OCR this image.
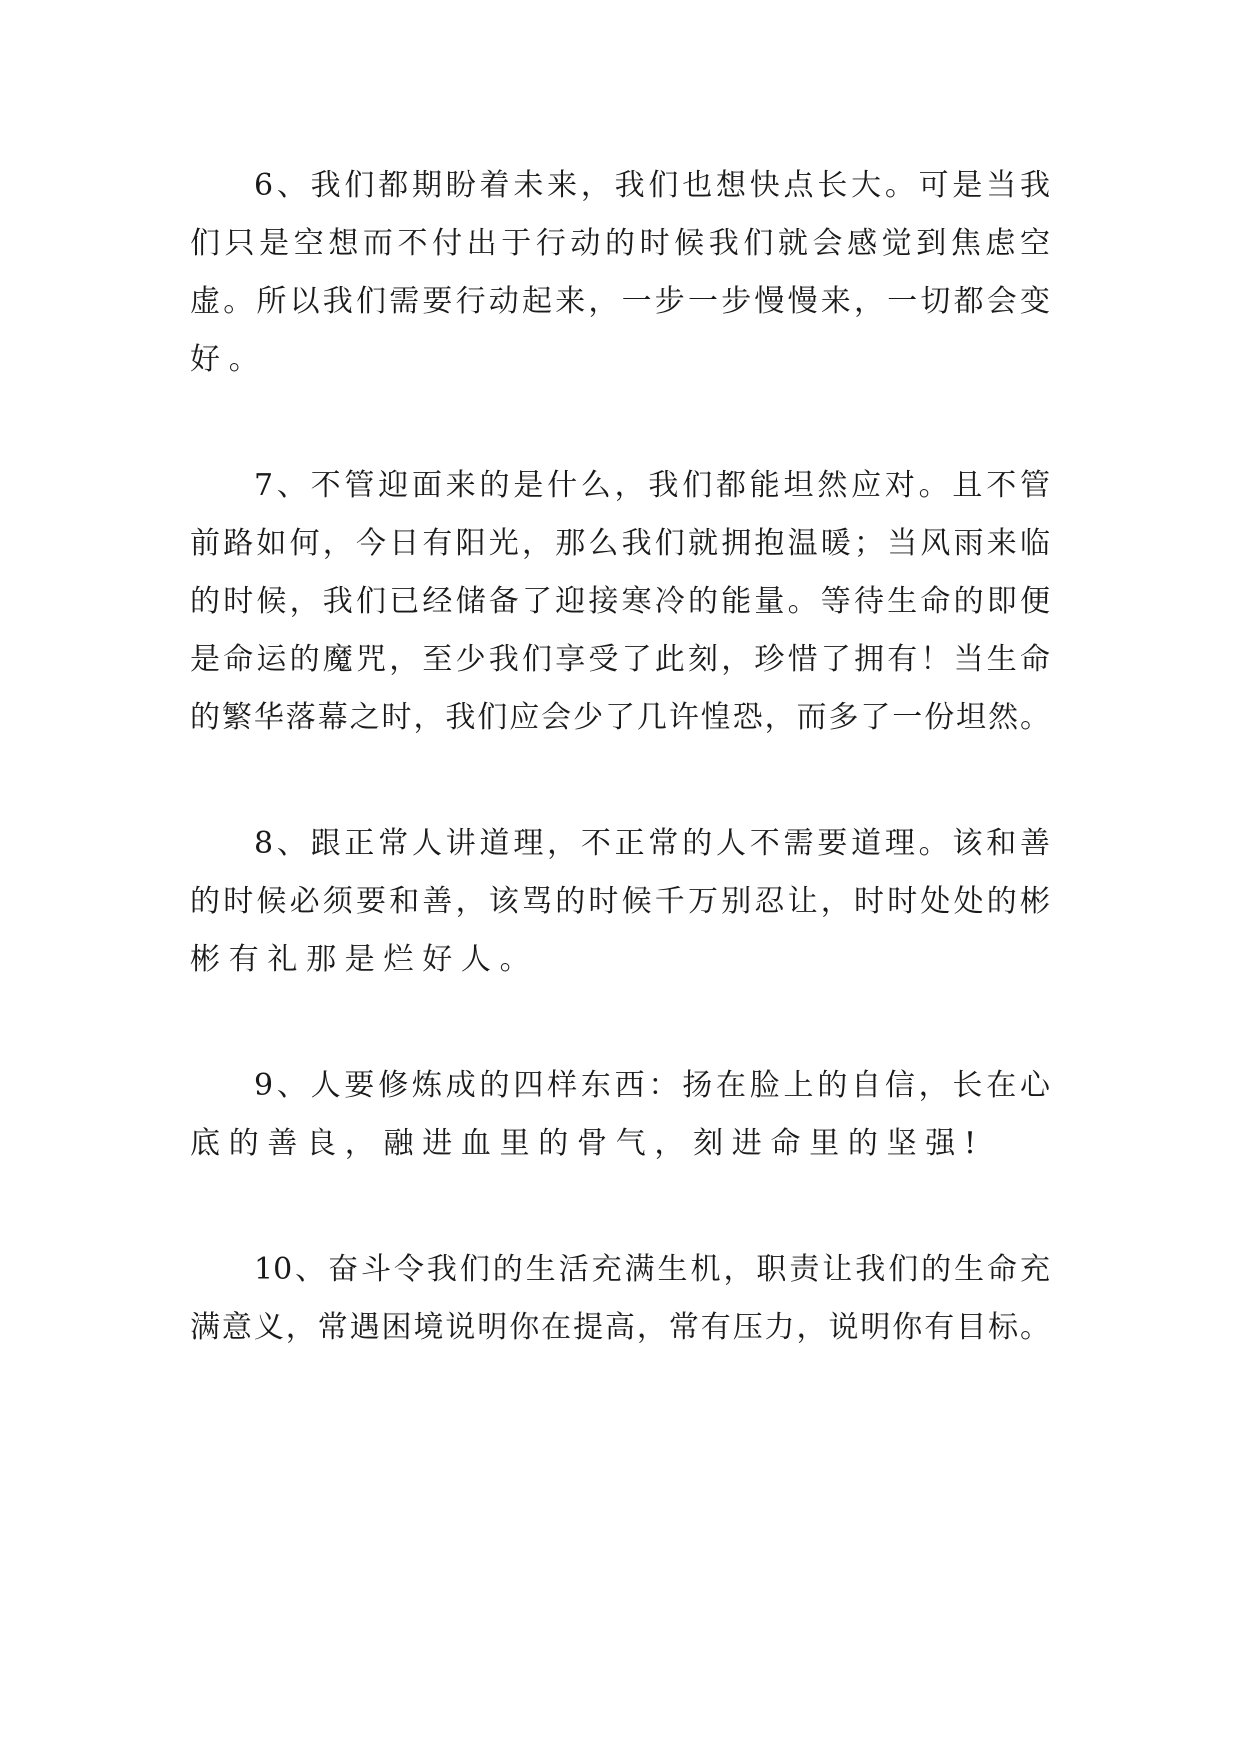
6、我们都期盼着未来，我们也想快点长大。可是当我
们只是空想而不付出于行动的时候我们就会感觉到焦虑空
虚。所以我们需要行动起来，一步一步慢慢来，一切都会变
好。
7、不管迎面来的是什么，我们都能坦然应对。且不管
前路如何，今日有阳光，那么我们就拥抱温暖；当风雨来临
的时候，我们已经储备了迎接寒冷的能量。等待生命的即便
是命运的魔咒，至少我们享受了此刻，珍惜了拥有！当生命
的繁华落幕之时，我们应会少了几许惶恐，而多了一份坦然。
8、跟正常人讲道理，不正常的人不需要道理。该和善
的时候必须要和善，该骂的时候千万别忍让，时时处处的彬
彬有礼那是烂好人。
9、人要修炼成的四样东西：扬在脸上的自信，长在心
底的善良，融进血里的骨气，刻进命里的坚强!
10、奋斗令我们的生活充满生机，职责让我们的生命充
满意义，常遇困境说明你在提高，常有压力，说明你有目标。
